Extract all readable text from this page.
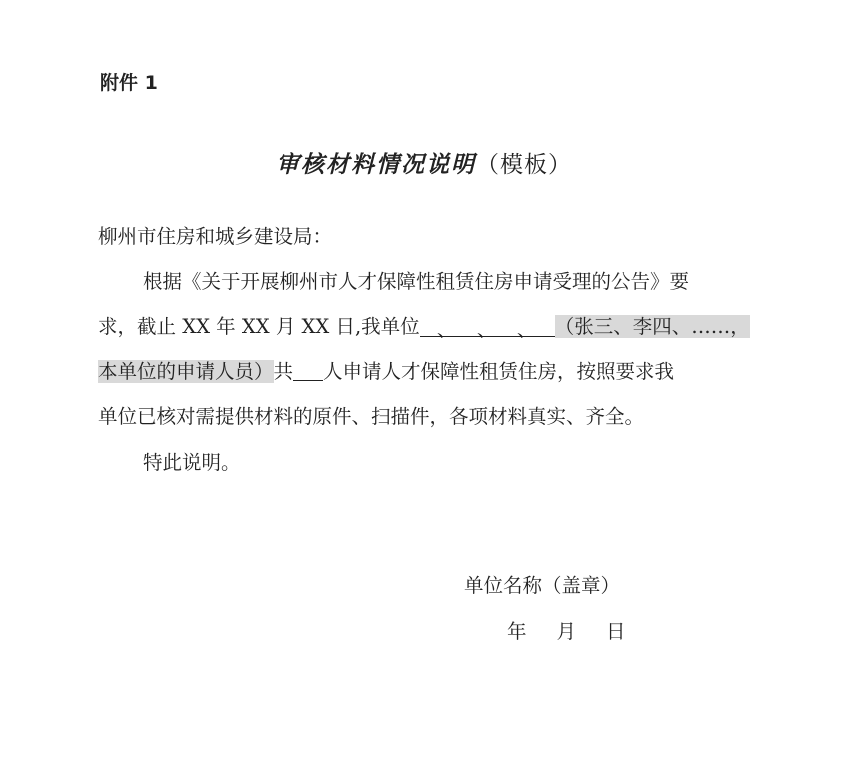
附件 1
审核材料情况说明（模板）
柳州市住房和城乡建设局：
根据《关于开展柳州市人才保障性租赁住房申请受理的公告》要
求，截止 XX 年 XX 月 XX 日,我单位 、 、 、 （张三、李四、……，
本单位的申请人员）共 人申请人才保障性租赁住房，按照要求我
单位已核对需提供材料的原件、扫描件，各项材料真实、齐全。
特此说明。
单位名称（盖章）
年 月 日
